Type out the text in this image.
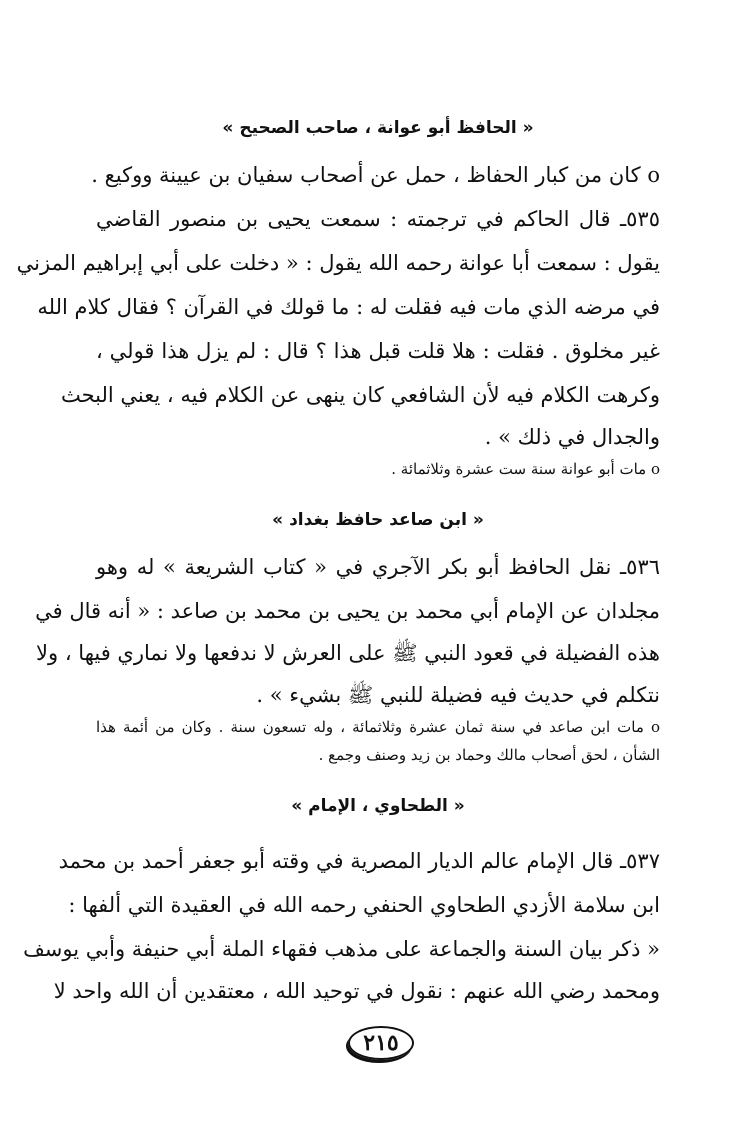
« الحافظ أبو عوانة ، صاحب الصحيح »
o كان من كبار الحفاظ ، حمل عن أصحاب سفيان بن عيينة ووكيع .
٥٣٥ـ قال الحاكم في ترجمته : سمعت يحيى بن منصور القاضي
يقول : سمعت أبا عوانة رحمه الله يقول : « دخلت على أبي إبراهيم المزني
في مرضه الذي مات فيه فقلت له : ما قولك في القرآن ؟ فقال كلام الله
غير مخلوق . فقلت : هلا قلت قبل هذا ؟ قال : لم يزل هذا قولي ،
وكرهت الكلام فيه لأن الشافعي كان ينهى عن الكلام فيه ، يعني البحث
والجدال في ذلك » .
o مات أبو عوانة سنة ست عشرة وثلاثمائة .
« ابن صاعد حافظ بغداد »
٥٣٦ـ نقل الحافظ أبو بكر الآجري في « كتاب الشريعة » له وهو
مجلدان عن الإمام أبي محمد بن يحيى بن محمد بن صاعد : « أنه قال في
هذه الفضيلة في قعود النبي ﷺ على العرش لا ندفعها ولا نماري فيها ، ولا
نتكلم في حديث فيه فضيلة للنبي ﷺ بشيء » .
o مات ابن صاعد في سنة ثمان عشرة وثلاثمائة ، وله تسعون سنة . وكان من أئمة هذا
الشأن ، لحق أصحاب مالك وحماد بن زيد وصنف وجمع .
« الطحاوي ، الإمام »
٥٣٧ـ قال الإمام عالم الديار المصرية في وقته أبو جعفر أحمد بن محمد
ابن سلامة الأزدي الطحاوي الحنفي رحمه الله في العقيدة التي ألفها :
« ذكر بيان السنة والجماعة على مذهب فقهاء الملة أبي حنيفة وأبي يوسف
ومحمد رضي الله عنهم : نقول في توحيد الله ، معتقدين أن الله واحد لا
٢١٥
